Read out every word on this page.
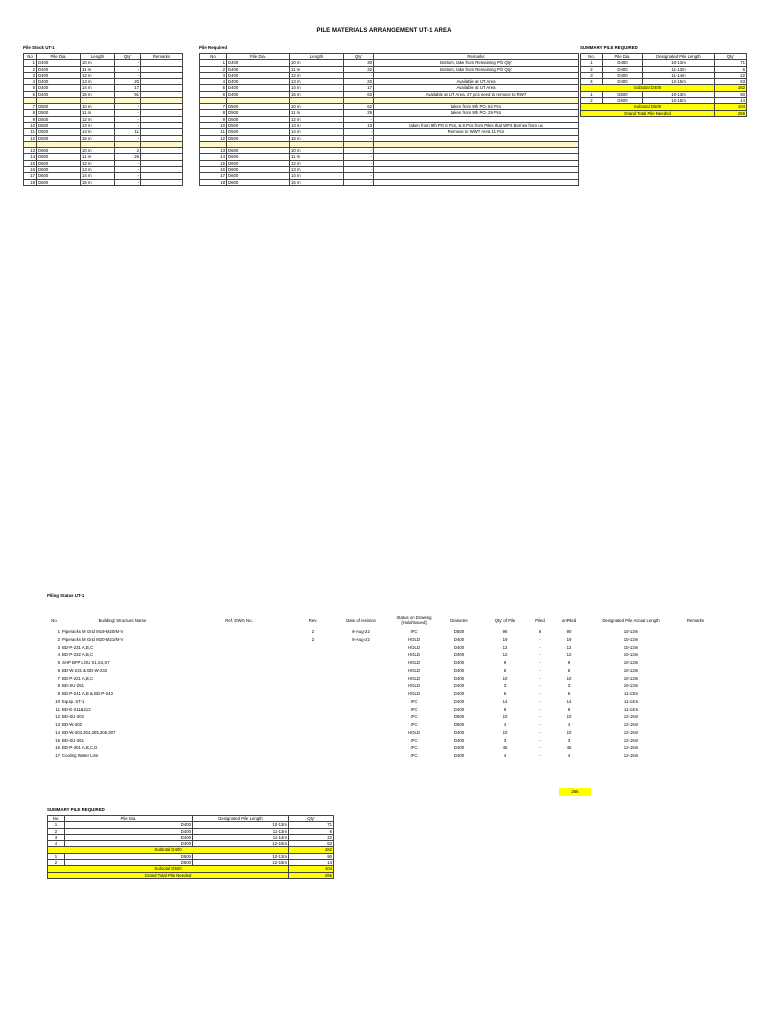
PILE MATERIALS ARRANGEMENT UT-1 AREA
Pile Stock UT-1
No	Pile Dia.	Length	Qty'	Remarks
1	D400	10 m	-	
2	D400	11 m	-	
3	D400	12 m	-	
4	D400	13 m	20	
5	D400	14 m	17	
6	D400	15 m	91	

7	D500	10 m	-	
8	D500	11 m	-	
9	D500	12 m	-	
10	D500	13 m	-	
11	D500	14 m	11	
12	D500	15 m	-	

13	D600	10 m	2	
14	D600	11 m	26	
15	D600	12 m	-	
16	D600	13 m	-	
17	D600	14 m	-	
18	D600	15 m	-	
Pile Required
No	Pile Dia.	Length	Qty'	Remarks
1	D400	10 m	30	Bottom, take from Remaining PO Qty'
2	D400	11 m	32	Bottom, take from Remaining PO Qty'
3	D400	12 m	-	
4	D400	13 m	20	Available at UT Area
5	D400	14 m	17	Available at UT Area
6	D400	15 m	63	Available at UT Area, 27 pcs need to remove to RWT

7	D500	10 m	62	taken from 9th PO, 62 Pcs
8	D500	11 m	29	taken from 9th PO, 29 Pcs
9	D500	12 m	-	
10	D500	13 m	13	taken from 9th PO 5 Pcs, & 8 Pcs from Piles that WP3 Borrow from us
11	D500	14 m	-	Remove to WWT Area 11 Pcs
12	D500	15 m	-	

13	D600	10 m	-	
14	D600	11 m	-	
15	D600	12 m	-	
16	D600	13 m	-	
17	D600	14 m	-	
18	D600	15 m	-	
SUMMARY PILE REQUIRED
No.	Pile Dia.	Designated Pile Length	Qty'
1	D400	10-13m	71
2	D400	11-13m	6
3	D400	11-14m	22
4	D400	12-15m	63
Subtotal D400			162
1	D500	10-13m	90
2	D500	12-15m	14
Subtotal D500			104
Grand Total Pile Needed			266
Piling Status UT-1
No	Building/ Structure Name	Ref. DWG No.	Rev.	Date of revision	Status on Drawing [Hold/Issued]	Diametre	Qty' of Pile	Piled	unPiled	Designated Pile Actual Length	Remarks
1	Piperacks M Grid M19-M20/M-V		2	9-Aug-22	IFC	D500	96	6	90	10-13m	
2	Piperacks M Grid M20-M21/M-V		2	9-Aug-22	HOLD	D400	19	-	19	10-13m	
3	BD-P-231 A,B,C				HOLD	D400	12	-	12	10-13m	
4	BD-P-232 A,B,C				HOLD	D400	12	-	12	10-13m	
5	SHP BFP LOU S1,S4,S7				HOLD	D400	9	-	9	10-13m	
6	BD-W-231 & BD-W-232				HOLD	D400	6	-	6	10-13m	
7	BD-P-221 A,B,C				HOLD	D400	10	-	10	10-13m	
8	BD-SU-251				HOLD	D400	3	-	3	10-13m	
9	BD-P-241 A,B & BD-P-243				HOLD	D400	6	-	6	11-13m	
10	Equip. ST-1				IFC	D400	14	-	14	11-14m	
11	BD-E-211&212				IFC	D400	8	-	8	11-14m	
12	BD-SU-302				IFC	D500	10	-	10	12-15m	
13	BD-W-302				IFC	D500	4	-	4	12-15m	
14	BD-W-303,304,305,306,307				HOLD	D400	10	-	10	12-15m	
15	BD-SU-351				IFC	D400	3	-	3	12-15m	
16	BD-P-301 A,B,C,D				IFC	D400	46	-	46	12-15m	
17	Cooling Water Line				IFC	D400	4	-	4	12-15m	
266
SUMMARY PILE REQUIRED
No.	Pile Dia.	Designated Pile Length	Qty'
1	D400	10-13m	71
2	D400	11-13m	6
3	D400	11-14m	22
4	D400	12-15m	63
Subtotal D400			162
1	D500	10-13m	90
2	D500	12-15m	14
Subtotal D500			104
Grand Total Pile Needed			266
